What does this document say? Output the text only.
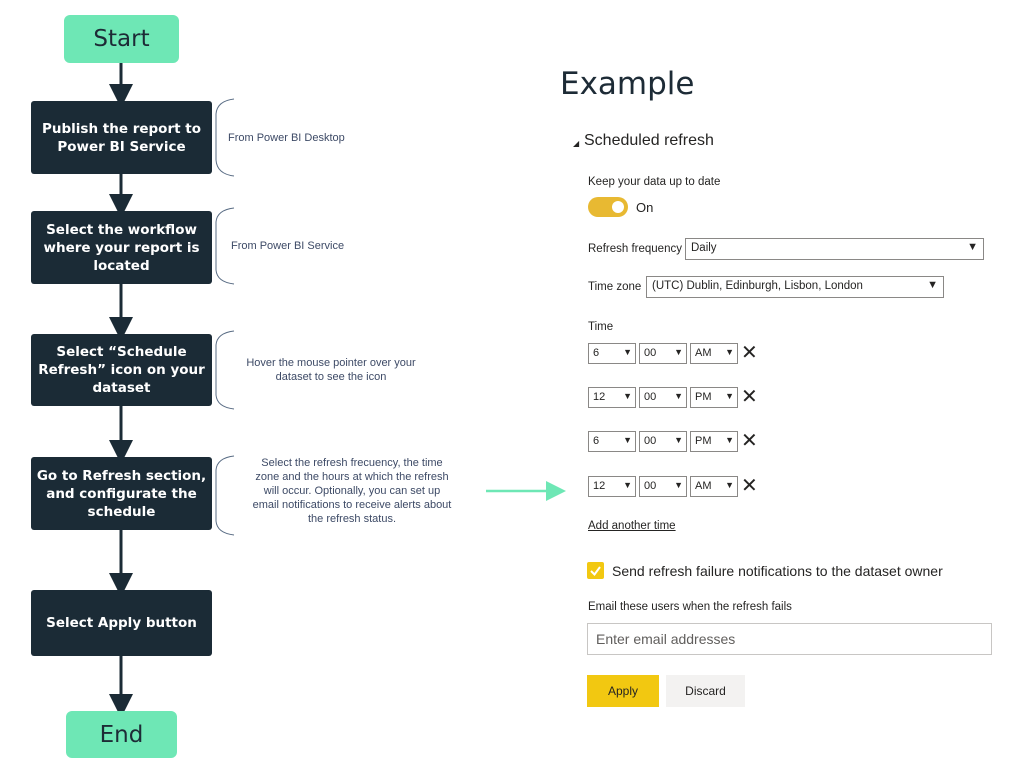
Start
Publish the report to
Power BI Service
Select the workflow
where your report is
located
Select “Schedule
Refresh” icon on your
dataset
Go to Refresh section,
and configurate the
schedule
Select Apply button
End
From Power BI Desktop
From Power BI Service
Hover the mouse pointer over your
dataset to see the icon
Select the refresh frecuency, the time
zone and the hours at which the refresh
will occur. Optionally, you can set up
email notifications to receive alerts about
the refresh status.
Example
◢ Scheduled refresh
Keep your data up to date
On
Refresh frequency Daily	▼
Time zone (UTC) Dublin, Edinburgh, Lisbon, London	▼
Time
6	▼	00 ▼	AM ▼ ✕
12 ▼	00 ▼	PM ▼ ✕
6	▼	00 ▼	PM ▼ ✕
12 ▼	00 ▼	AM ▼ ✕
Add another time
Send refresh failure notifications to the dataset owner
Email these users when the refresh fails
Enter email addresses
Apply	Discard
